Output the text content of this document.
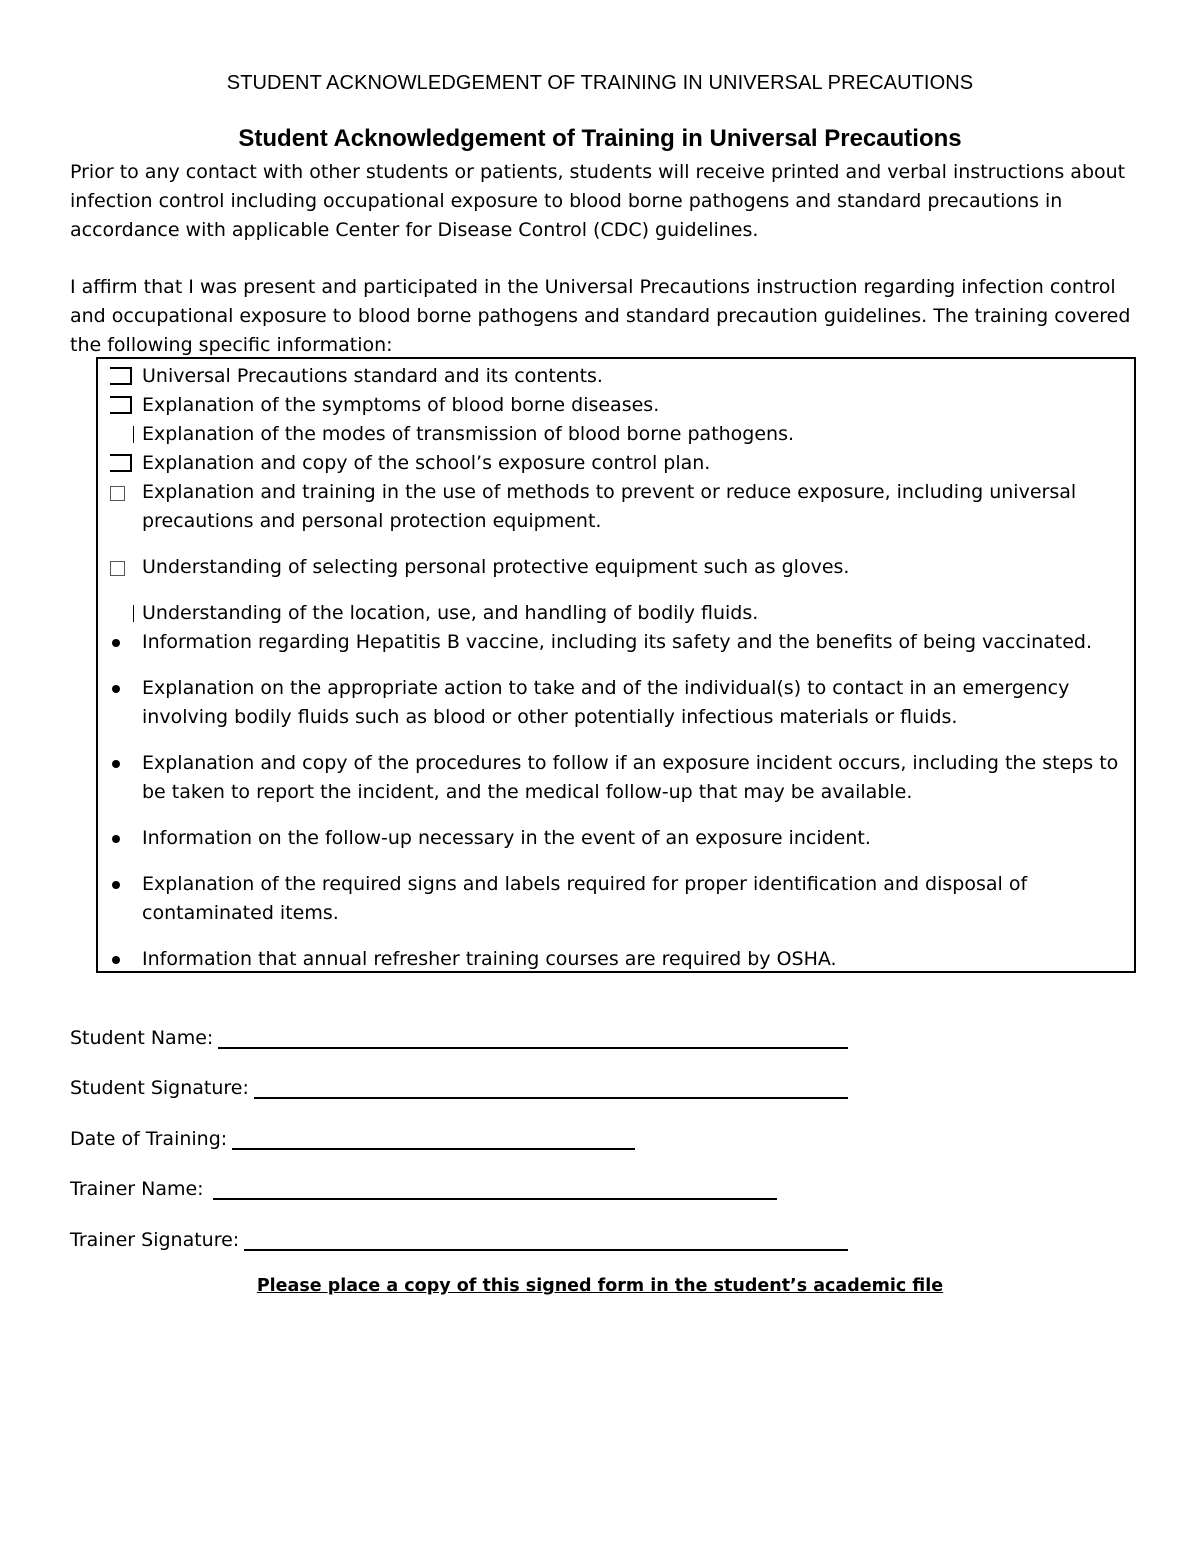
STUDENT ACKNOWLEDGEMENT OF TRAINING IN UNIVERSAL PRECAUTIONS
Student Acknowledgement of Training in Universal Precautions
Prior to any contact with other students or patients, students will receive printed and verbal instructions about infection control including occupational exposure to blood borne pathogens and standard precautions in accordance with applicable Center for Disease Control (CDC) guidelines.
I affirm that I was present and participated in the Universal Precautions instruction regarding infection control and occupational exposure to blood borne pathogens and standard precaution guidelines. The training covered the following specific information:
Universal Precautions standard and its contents.
Explanation of the symptoms of blood borne diseases.
Explanation of the modes of transmission of blood borne pathogens.
Explanation and copy of the school’s exposure control plan.
Explanation and training in the use of methods to prevent or reduce exposure, including universal precautions and personal protection equipment.
Understanding of selecting personal protective equipment such as gloves.
Understanding of the location, use, and handling of bodily fluids.
Information regarding Hepatitis B vaccine, including its safety and the benefits of being vaccinated.
Explanation on the appropriate action to take and of the individual(s) to contact in an emergency involving bodily fluids such as blood or other potentially infectious materials or fluids.
Explanation and copy of the procedures to follow if an exposure incident occurs, including the steps to be taken to report the incident, and the medical follow-up that may be available.
Information on the follow-up necessary in the event of an exposure incident.
Explanation of the required signs and labels required for proper identification and disposal of contaminated items.
Information that annual refresher training courses are required by OSHA.
Student Name:
Student Signature:
Date of Training:
Trainer Name:
Trainer Signature:
Please place a copy of this signed form in the student’s academic file
